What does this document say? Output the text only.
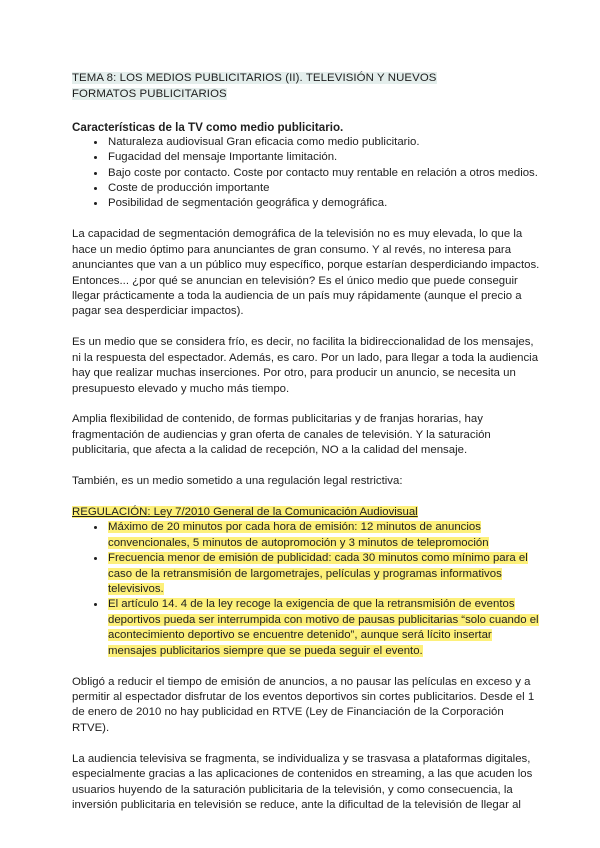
TEMA 8: LOS MEDIOS PUBLICITARIOS (II). TELEVISIÓN Y NUEVOS FORMATOS PUBLICITARIOS
Características de la TV como medio publicitario.
• Naturaleza audiovisual Gran eficacia como medio publicitario.
• Fugacidad del mensaje Importante limitación.
• Bajo coste por contacto. Coste por contacto muy rentable en relación a otros medios.
• Coste de producción importante
• Posibilidad de segmentación geográfica y demográfica.

La capacidad de segmentación demográfica de la televisión no es muy elevada, lo que la hace un medio óptimo para anunciantes de gran consumo. Y al revés, no interesa para anunciantes que van a un público muy específico, porque estarían desperdiciando impactos. Entonces... ¿por qué se anuncian en televisión? Es el único medio que puede conseguir llegar prácticamente a toda la audiencia de un país muy rápidamente (aunque el precio a pagar sea desperdiciar impactos).

Es un medio que se considera frío, es decir, no facilita la bidireccionalidad de los mensajes, ni la respuesta del espectador. Además, es caro. Por un lado, para llegar a toda la audiencia hay que realizar muchas inserciones. Por otro, para producir un anuncio, se necesita un presupuesto elevado y mucho más tiempo.

Amplia flexibilidad de contenido, de formas publicitarias y de franjas horarias, hay fragmentación de audiencias y gran oferta de canales de televisión. Y la saturación publicitaria, que afecta a la calidad de recepción, NO a la calidad del mensaje.

También, es un medio sometido a una regulación legal restrictiva:

REGULACIÓN: Ley 7/2010 General de la Comunicación Audiovisual
• Máximo de 20 minutos por cada hora de emisión: 12 minutos de anuncios convencionales, 5 minutos de autopromoción y 3 minutos de telepromoción
• Frecuencia menor de emisión de publicidad: cada 30 minutos como mínimo para el caso de la retransmisión de largometrajes, películas y programas informativos televisivos.
• El artículo 14. 4 de la ley recoge la exigencia de que la retransmisión de eventos deportivos pueda ser interrumpida con motivo de pausas publicitarias “solo cuando el acontecimiento deportivo se encuentre detenido”, aunque será lícito insertar mensajes publicitarios siempre que se pueda seguir el evento.

Obligó a reducir el tiempo de emisión de anuncios, a no pausar las películas en exceso y a permitir al espectador disfrutar de los eventos deportivos sin cortes publicitarios. Desde el 1 de enero de 2010 no hay publicidad en RTVE (Ley de Financiación de la Corporación RTVE).

La audiencia televisiva se fragmenta, se individualiza y se trasvasa a plataformas digitales, especialmente gracias a las aplicaciones de contenidos en streaming, a las que acuden los usuarios huyendo de la saturación publicitaria de la televisión, y como consecuencia, la inversión publicitaria en televisión se reduce, ante la dificultad de la televisión de llegar al
